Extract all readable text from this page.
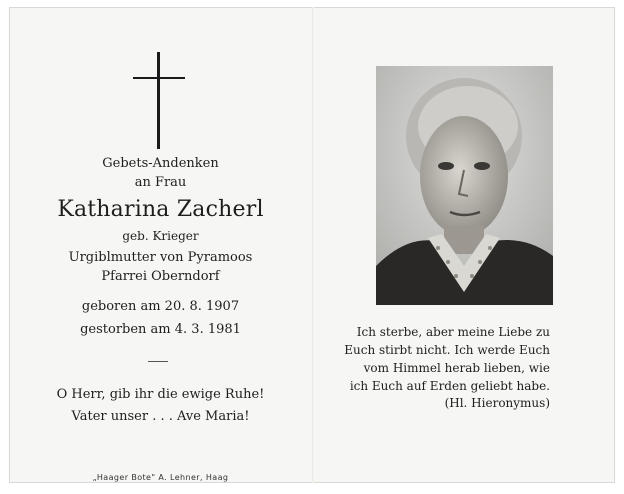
Gebets-Andenken
an Frau
Katharina Zacherl
geb. Krieger
Urgiblmutter von Pyramoos
Pfarrei Oberndorf
geboren am 20. 8. 1907
gestorben am 4. 3. 1981
O Herr, gib ihr die ewige Ruhe!
Vater unser . . . Ave Maria!
„Haager Bote" A. Lehner, Haag
Ich sterbe, aber meine Liebe zu
Euch stirbt nicht. Ich werde Euch
vom Himmel herab lieben, wie
ich Euch auf Erden geliebt habe.
(Hl. Hieronymus)
